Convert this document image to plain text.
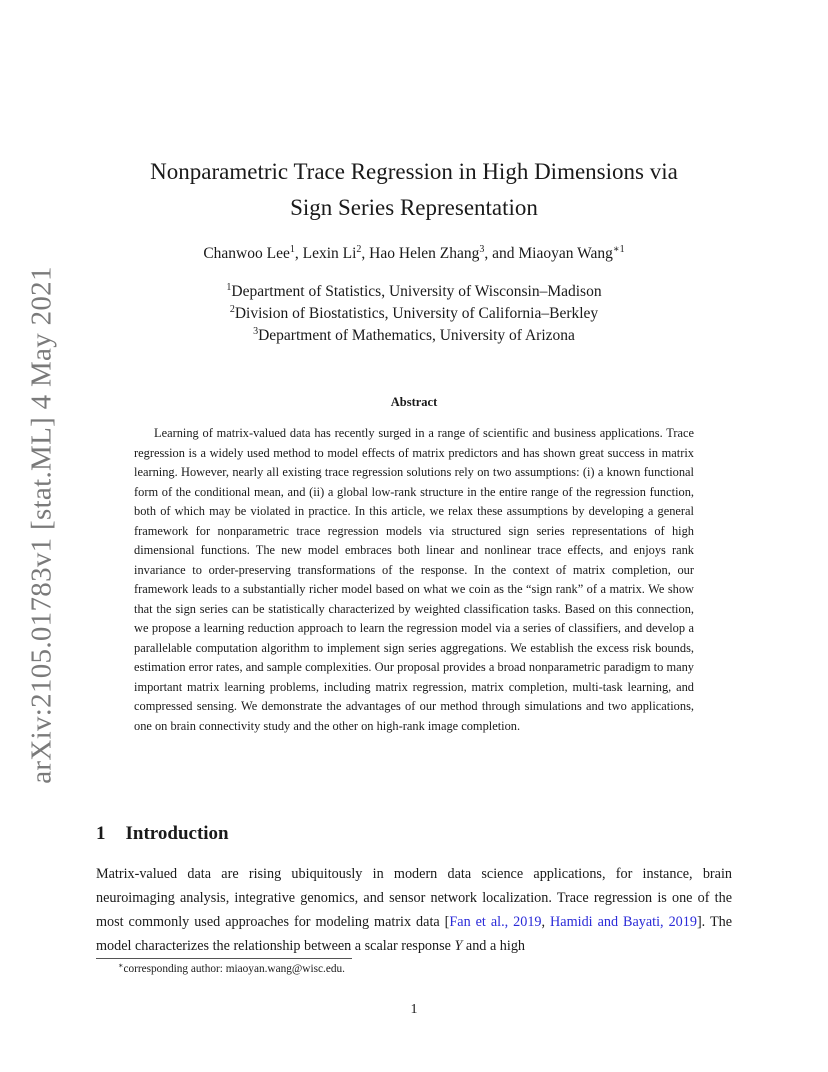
arXiv:2105.01783v1 [stat.ML] 4 May 2021
Nonparametric Trace Regression in High Dimensions via
Sign Series Representation
Chanwoo Lee$^1$, Lexin Li$^2$, Hao Helen Zhang$^3$, and Miaoyan Wang$^{∗1}$
$^1$Department of Statistics, University of Wisconsin–Madison
$^2$Division of Biostatistics, University of California–Berkley
$^3$Department of Mathematics, University of Arizona
Abstract

Learning of matrix-valued data has recently surged in a range of scientific and business applications. Trace regression is a widely used method to model effects of matrix predictors and has shown great success in matrix learning. However, nearly all existing trace regression solutions rely on two assumptions: (i) a known functional form of the conditional mean, and (ii) a global low-rank structure in the entire range of the regression function, both of which may be violated in practice. In this article, we relax these assumptions by developing a general framework for nonparametric trace regression models via structured sign series representations of high dimensional functions. The new model embraces both linear and nonlinear trace effects, and enjoys rank invariance to order-preserving transformations of the response. In the context of matrix completion, our framework leads to a substantially richer model based on what we coin as the “sign rank” of a matrix. We show that the sign series can be statistically characterized by weighted classification tasks. Based on this connection, we propose a learning reduction approach to learn the regression model via a series of classifiers, and develop a parallelable computation algorithm to implement sign series aggregations. We establish the excess risk bounds, estimation error rates, and sample complexities. Our proposal provides a broad nonparametric paradigm to many important matrix learning problems, including matrix regression, matrix completion, multi-task learning, and compressed sensing. We demonstrate the advantages of our method through simulations and two applications, one on brain connectivity study and the other on high-rank image completion.

1 Introduction

Matrix-valued data are rising ubiquitously in modern data science applications, for instance, brain neuroimaging analysis, integrative genomics, and sensor network localization. Trace regression is one of the most commonly used approaches for modeling matrix data [Fan et al., 2019, Hamidi and Bayati, 2019]. The model characterizes the relationship between a scalar response Y and a high

∗corresponding author: miaoyan.wang@wisc.edu.
1
